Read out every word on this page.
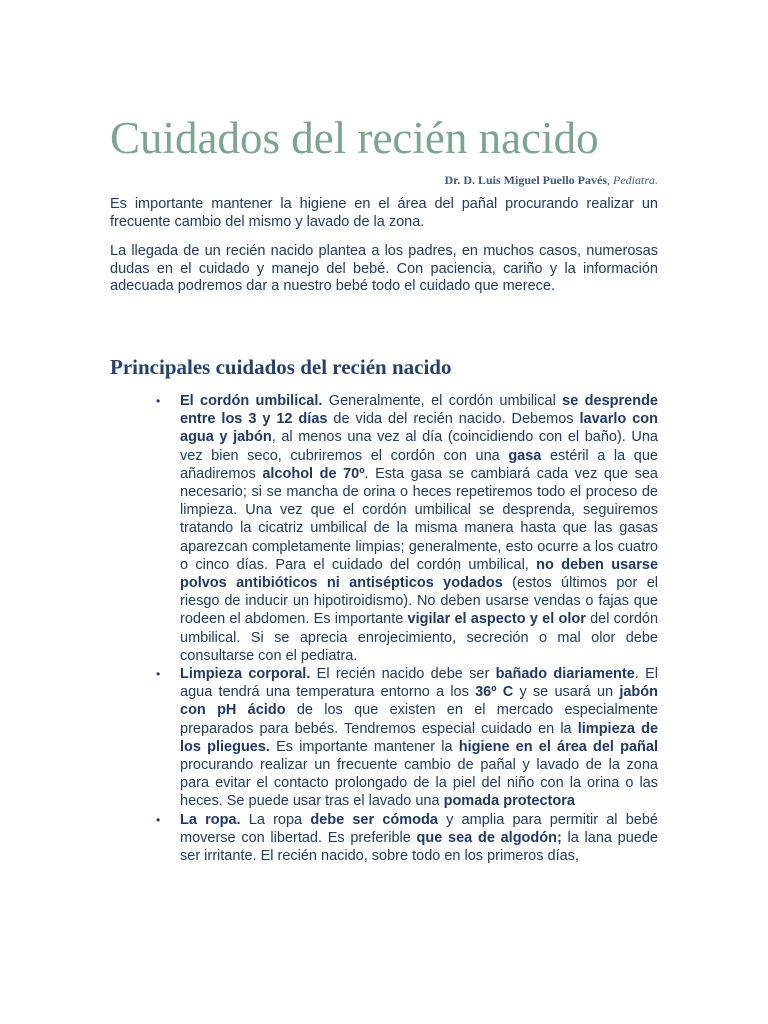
Cuidados del recién nacido
Dr. D. Luis Miguel Puello Pavés, Pediatra.

Es importante mantener la higiene en el área del pañal procurando realizar un frecuente cambio del mismo y lavado de la zona.

La llegada de un recién nacido plantea a los padres, en muchos casos, numerosas dudas en el cuidado y manejo del bebé. Con paciencia, cariño y la información adecuada podremos dar a nuestro bebé todo el cuidado que merece.

Principales cuidados del recién nacido
• El cordón umbilical. Generalmente, el cordón umbilical se desprende entre los 3 y 12 días de vida del recién nacido. Debemos lavarlo con agua y jabón, al menos una vez al día (coincidiendo con el baño). Una vez bien seco, cubriremos el cordón con una gasa estéril a la que añadiremos alcohol de 70º. Esta gasa se cambiará cada vez que sea necesario; si se mancha de orina o heces repetiremos todo el proceso de limpieza. Una vez que el cordón umbilical se desprenda, seguiremos tratando la cicatriz umbilical de la misma manera hasta que las gasas aparezcan completamente limpias; generalmente, esto ocurre a los cuatro o cinco días. Para el cuidado del cordón umbilical, no deben usarse polvos antibióticos ni antisépticos yodados (estos últimos por el riesgo de inducir un hipotiroidismo). No deben usarse vendas o fajas que rodeen el abdomen. Es importante vigilar el aspecto y el olor del cordón umbilical. Si se aprecia enrojecimiento, secreción o mal olor debe consultarse con el pediatra.
• Limpieza corporal. El recién nacido debe ser bañado diariamente. El agua tendrá una temperatura entorno a los 36º C y se usará un jabón con pH ácido de los que existen en el mercado especialmente preparados para bebés. Tendremos especial cuidado en la limpieza de los pliegues. Es importante mantener la higiene en el área del pañal procurando realizar un frecuente cambio de pañal y lavado de la zona para evitar el contacto prolongado de la piel del niño con la orina o las heces. Se puede usar tras el lavado una pomada protectora
• La ropa. La ropa debe ser cómoda y amplia para permitir al bebé moverse con libertad. Es preferible que sea de algodón; la lana puede ser irritante. El recién nacido, sobre todo en los primeros días,
